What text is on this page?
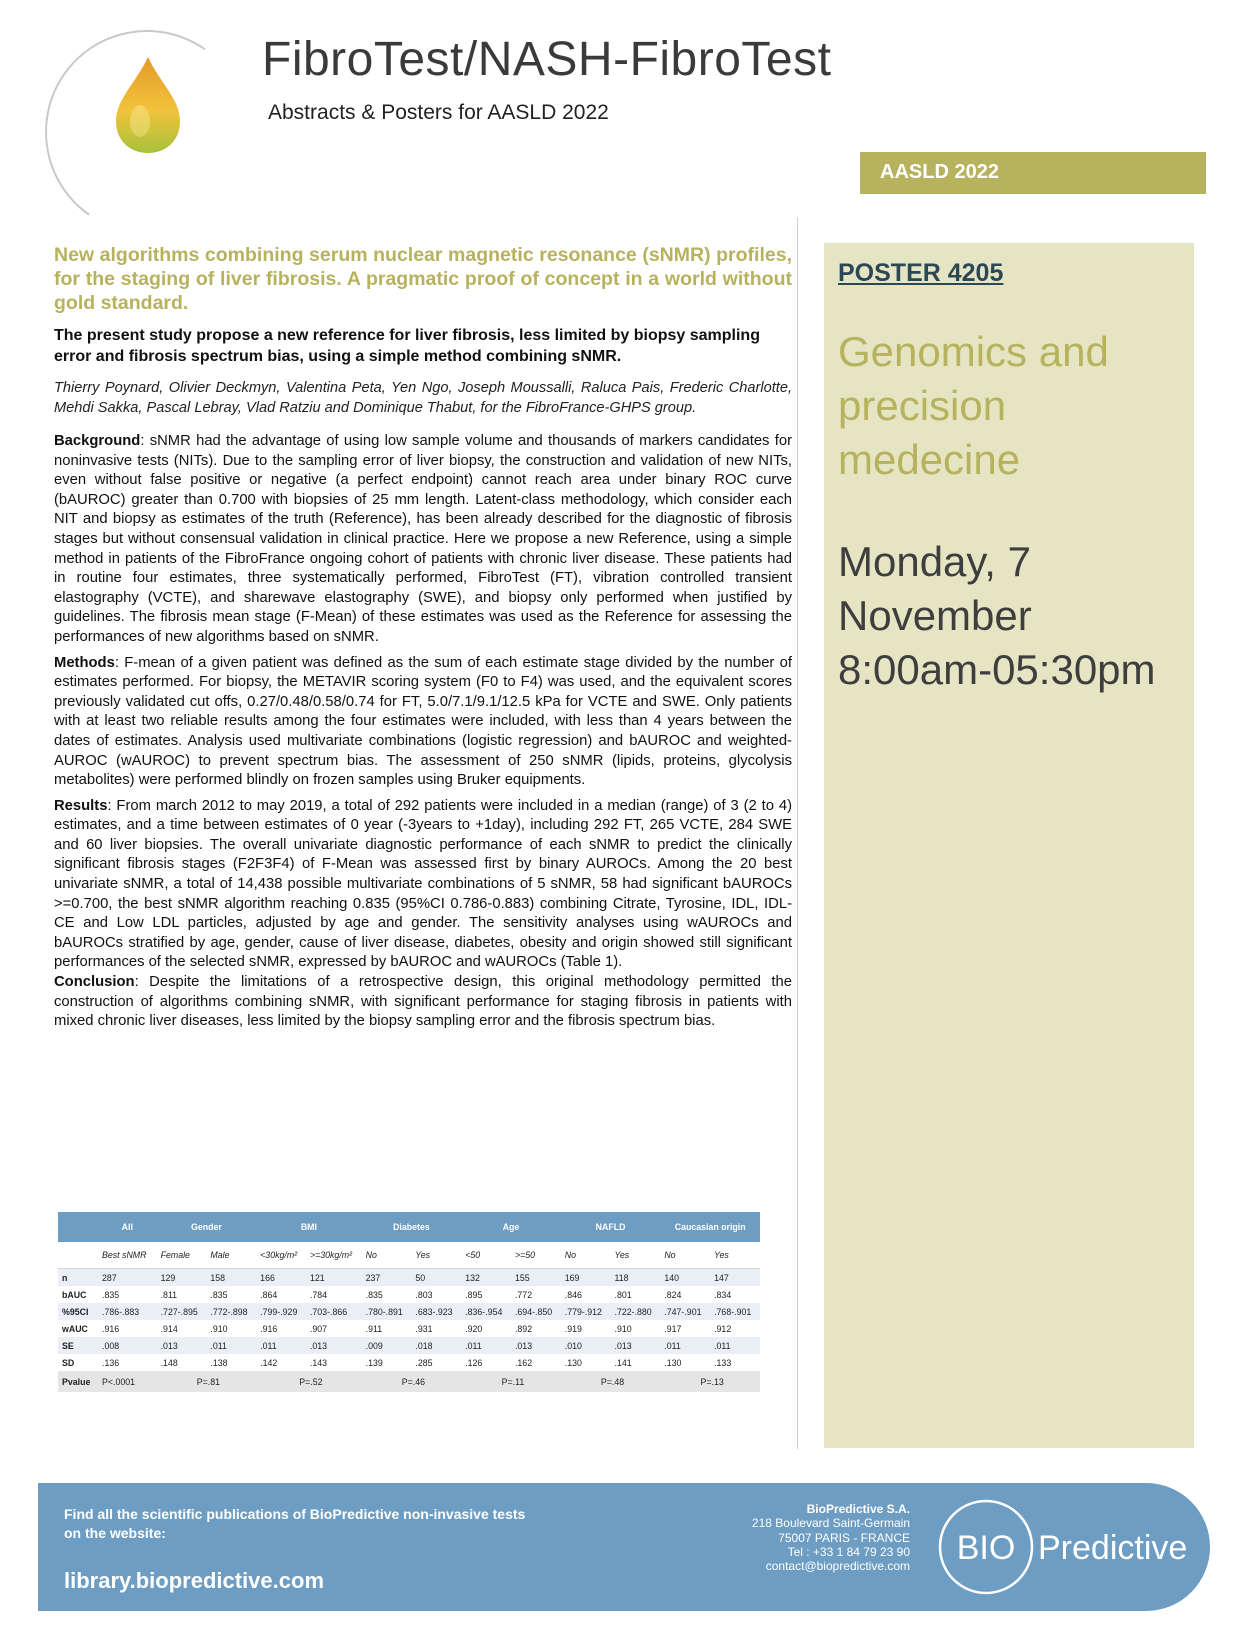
FibroTest/NASH-FibroTest
Abstracts & Posters for AASLD 2022
AASLD 2022

New algorithms combining serum nuclear magnetic resonance (sNMR) profiles, for the staging of liver fibrosis. A pragmatic proof of concept in a world without gold standard.

The present study propose a new reference for liver fibrosis, less limited by biopsy sampling error and fibrosis spectrum bias, using a simple method combining sNMR.

Thierry Poynard, Olivier Deckmyn, Valentina Peta, Yen Ngo, Joseph Moussalli, Raluca Pais, Frederic Charlotte, Mehdi Sakka, Pascal Lebray, Vlad Ratziu and Dominique Thabut, for the FibroFrance-GHPS group.

Background: sNMR had the advantage of using low sample volume and thousands of markers candidates for noninvasive tests (NITs). Due to the sampling error of liver biopsy, the construction and validation of new NITs, even without false positive or negative (a perfect endpoint) cannot reach area under binary ROC curve (bAUROC) greater than 0.700 with biopsies of 25 mm length. Latent-class methodology, which consider each NIT and biopsy as estimates of the truth (Reference), has been already described for the diagnostic of fibrosis stages but without consensual validation in clinical practice. Here we propose a new Reference, using a simple method in patients of the FibroFrance ongoing cohort of patients with chronic liver disease. These patients had in routine four estimates, three systematically performed, FibroTest (FT), vibration controlled transient elastography (VCTE), and sharewave elastography (SWE), and biopsy only performed when justified by guidelines. The fibrosis mean stage (F-Mean) of these estimates was used as the Reference for assessing the performances of new algorithms based on sNMR.

Methods: F-mean of a given patient was defined as the sum of each estimate stage divided by the number of estimates performed. For biopsy, the METAVIR scoring system (F0 to F4) was used, and the equivalent scores previously validated cut offs, 0.27/0.48/0.58/0.74 for FT, 5.0/7.1/9.1/12.5 kPa for VCTE and SWE. Only patients with at least two reliable results among the four estimates were included, with less than 4 years between the dates of estimates. Analysis used multivariate combinations (logistic regression) and bAUROC and weighted-AUROC (wAUROC) to prevent spectrum bias. The assessment of 250 sNMR (lipids, proteins, glycolysis metabolites) were performed blindly on frozen samples using Bruker equipments.

Results: From march 2012 to may 2019, a total of 292 patients were included in a median (range) of 3 (2 to 4) estimates, and a time between estimates of 0 year (-3years to +1day), including 292 FT, 265 VCTE, 284 SWE and 60 liver biopsies. The overall univariate diagnostic performance of each sNMR to predict the clinically significant fibrosis stages (F2F3F4) of F-Mean was assessed first by binary AUROCs. Among the 20 best univariate sNMR, a total of 14,438 possible multivariate combinations of 5 sNMR, 58 had significant bAUROCs >=0.700, the best sNMR algorithm reaching 0.835 (95%CI 0.786-0.883) combining Citrate, Tyrosine, IDL, IDL-CE and Low LDL particles, adjusted by age and gender. The sensitivity analyses using wAUROCs and bAUROCs stratified by age, gender, cause of liver disease, diabetes, obesity and origin showed still significant performances of the selected sNMR, expressed by bAUROC and wAUROCs (Table 1).

Conclusion: Despite the limitations of a retrospective design, this original methodology permitted the construction of algorithms combining sNMR, with significant performance for staging fibrosis in patients with mixed chronic liver diseases, less limited by the biopsy sampling error and the fibrosis spectrum bias.

POSTER 4205
Genomics and precision medecine
Monday, 7
November
8:00am-05:30pm
	All	Gender		BMI		Diabetes		Age		NAFLD		Caucasian origin	
	Best sNMR	Female	Male	<30kg/m²	>=30kg/m²	No	Yes	<50	>=50	No	Yes	No	Yes
n	287	129	158	166	121	237	50	132	155	169	118	140	147
bAUC	.835	.811	.835	.864	.784	.835	.803	.895	.772	.846	.801	.824	.834
%95CI	.786-.883	.727-.895	.772-.898	.799-.929	.703-.866	.780-.891	.683-.923	.836-.954	.694-.850	.779-.912	.722-.880	.747-.901	.768-.901
wAUC	.916	.914	.910	.916	.907	.911	.931	.920	.892	.919	.910	.917	.912
SE	.008	.013	.011	.011	.013	.009	.018	.011	.013	.010	.013	.011	.011
SD	.136	.148	.138	.142	.143	.139	.285	.126	.162	.130	.141	.130	.133
Pvalue	P<.0001	P=.81		P=.52		P=.46		P=.11		P=.48		P=.13	
Find all the scientific publications of BioPredictive non-invasive tests on the website:
library.biopredictive.com
BioPredictive S.A.
218 Boulevard Saint-Germain
75007 PARIS - FRANCE
Tel : +33 1 84 79 23 90
contact@biopredictive.com BIO Predictive
